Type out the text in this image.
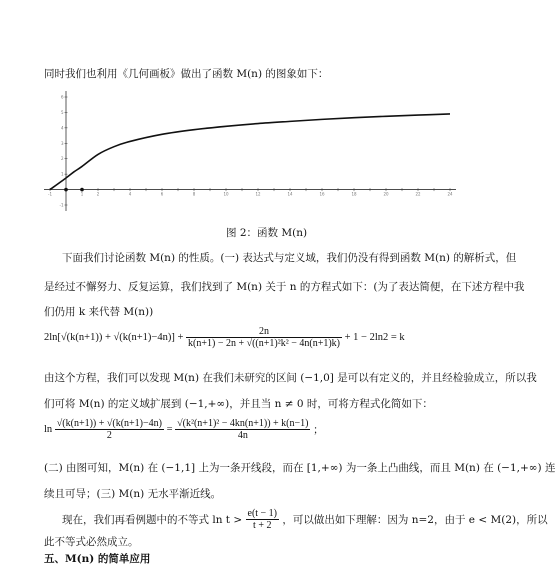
同时我们也利用《几何画板》做出了函数 M(n) 的图象如下：
-1	1	2	4	6	8	10	12	14	16	18	20	22	24
6
5
4
3
2
1
-1
图 2：函数 M(n)
下面我们讨论函数 M(n) 的性质。(一) 表达式与定义域，我们仍没有得到函数 M(n) 的解析式，但
是经过不懈努力、反复运算，我们找到了 M(n) 关于 n 的方程式如下：(为了表达简便，在下述方程中我
们仍用 k 来代替 M(n))
$2\ln[√(k(n+1)) + √(k(n+1)-4n)] + \frac{2n}{\text{k(n+1) − 2n + √((n+1)²k² − 4n(n+1)k)}} + 1 - 2\ln 2 = k$
由这个方程，我们可以发现 M(n) 在我们未研究的区间 (−1,0] 是可以有定义的，并且经检验成立，所以我
们可将 M(n) 的定义域扩展到 (−1,+∞)，并且当 n ≠ 0 时，可将方程式化简如下：
$\ln \frac{√(k(n+1)) + √(k(n+1)-4n)}{2} = \frac{\text{√(k²(n+1)² − 4kn(n+1)) + k(n−1)}}{4n}$ ；
(二) 由图可知，M(n) 在 (−1,1] 上为一条开线段，而在 [1,+∞) 为一条上凸曲线，而且 M(n) 在 (−1,+∞) 连
续且可导；(三) M(n) 无水平渐近线。
现在，我们再看例题中的不等式 $\ln t > \frac{e(t - 1)}{t + 2}$ ，可以做出如下理解：因为 n=2，由于 e < M(2)，所以
此不等式必然成立。
五、M(n) 的简单应用
